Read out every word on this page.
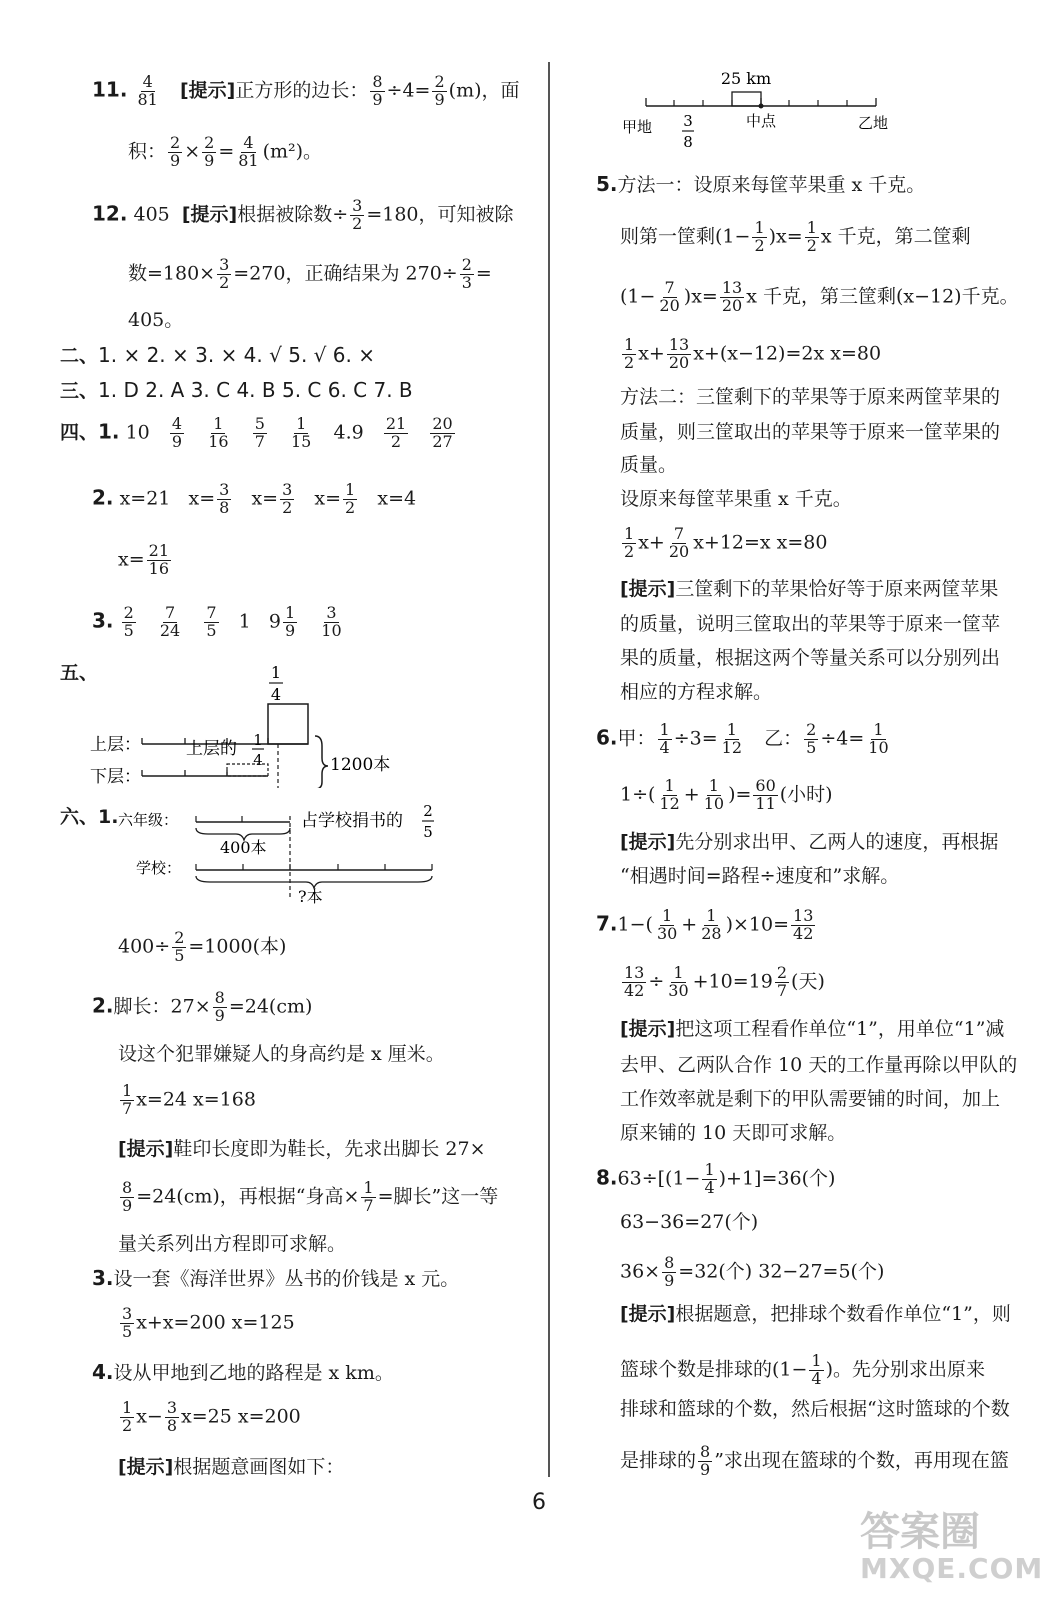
11. $\frac{4}{81}$ [提示]正方形的边长： $\frac{8}{9} \div 4= \frac{2}{9} (m)$，面
积： $\frac{2}{9} \times \frac{2}{9} = \frac{4}{81} (m^2)$。
12. 405 [提示]根据被除数÷ $\frac{3}{2} =180$，可知被除
数$=180\times \frac{3}{2} =270$，正确结果为 $270\div \frac{2}{3}$ =
405。
二、1. × 2. × 3. × 4. √ 5. √ 6. ×
三、1. D 2. A 3. C 4. B 5. C 6. C 7. B
四、1. $10 \frac{4}{9}$
$\frac{1}{16}$
$\frac{5}{7}$
$\frac{1}{15} 4.9 \frac{21}{2}$
$\frac{20}{27}$
2. x=21 $x= \frac{3}{8} x= \frac{3}{2} x= \frac{1}{2} x=4$
$x= \frac{21}{16}$
3. $\frac{2}{5}$
$\frac{7}{24}$
$\frac{7}{5} 1$ $9 \frac{1}{9}$
$\frac{3}{10}$
五、	1
4
上层：	上层的 1
4	1200本
下层：
六、1. 六年级：
400本
占学校捐书的 2
5
学校：
?本
$400\div \frac{2}{5} =1000$(本)
2.脚长：$27\times \frac{8}{9} =24(cm)$
设这个犯罪嫌疑人的身高约是 x 厘米。
$\frac{1}{7} x=24$ x=168
[提示]鞋印长度即为鞋长，先求出脚长 27×
$\frac{8}{9} =24(cm)$，再根据“身高× $\frac{1}{7}$ =脚长”这一等
量关系列出方程即可求解。
3.设一套《海洋世界》丛书的价钱是 x 元。
$\frac{3}{5} x+x=200$ x=125
4.设从甲地到乙地的路程是 x km。
$\frac{1}{2} x- \frac{3}{8} x=25$ x=200
[提示]根据题意画图如下：
25 km
甲地 3
8
中点	乙地
5.方法一：设原来每筐苹果重 x 千克。
则第一筐剩$(1- \frac{1}{2} )x= \frac{1}{2}$ x 千克，第二筐剩
$(1- \frac{7}{20} )x= \frac{13}{20}$ x 千克，第三筐剩(x−12)千克。
$\frac{1}{2} x+ \frac{13}{20} x+(x-12)=2x$ x=80
方法二：三筐剩下的苹果等于原来两筐苹果的
质量，则三筐取出的苹果等于原来一筐苹果的
质量。
设原来每筐苹果重 x 千克。
$\frac{1}{2} x+ \frac{7}{20} x+12=x$ x=80
[提示]三筐剩下的苹果恰好等于原来两筐苹果
的质量，说明三筐取出的苹果等于原来一筐苹
果的质量，根据这两个等量关系可以分别列出
相应的方程求解。
6.甲： $\frac{1}{4} \div 3= \frac{1}{12}$ 乙： $\frac{2}{5} \div 4= \frac{1}{10}$
$1\div( \frac{1}{12} + \frac{1}{10}$ )= $\frac{60}{11}$ (小时)
[提示]先分别求出甲、乙两人的速度，再根据
“相遇时间=路程÷速度和”求解。
$7.1-( \frac{1}{30} + \frac{1}{28} )\times 10= \frac{13}{42}$
$\frac{13}{42} \div \frac{1}{30} +10=19 \frac{2}{7}$ (天)
[提示]把这项工程看作单位“1”，用单位“1”减
去甲、乙两队合作 10 天的工作量再除以甲队的
工作效率就是剩下的甲队需要铺的时间，加上
原来铺的 10 天即可求解。
$8.63\div[(1- \frac{1}{4} )+1]=36$(个)
63−36=27(个)
$36\times \frac{8}{9} =32$(个) 32−27=5(个)
[提示]根据题意，把排球个数看作单位“1”，则
篮球个数是排球的($1- \frac{1}{4}$ )。先分别求出原来
排球和篮球的个数，然后根据“这时篮球的个数
是排球的 $\frac{8}{9}$ ”求出现在篮球的个数，再用现在篮
6
答案圈
MXQE.COM
